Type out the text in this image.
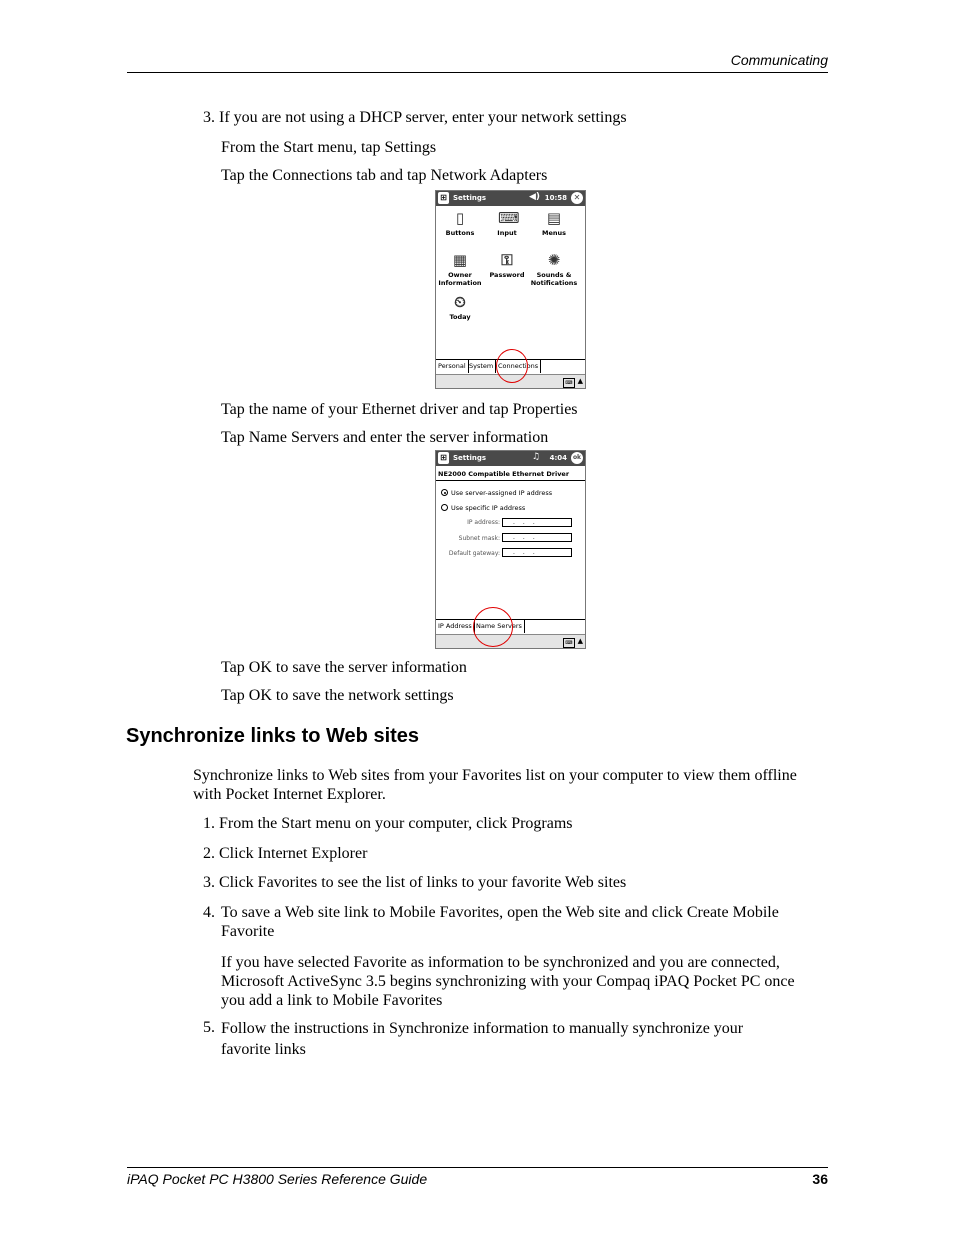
Communicating
3. If you are not using a DHCP server, enter your network settings
From the Start menu, tap Settings
Tap the Connections tab and tap Network Adapters
⊞ Settings	◀) 10:58 ✕
▯
Buttons
⌨
Input
▤
Menus
▦
Owner Information
⚿
Password
✺
Sounds & Notifications
⏲
Today
Personal System Connections
⌨ ▲
Tap the name of your Ethernet driver and tap Properties
Tap Name Servers and enter the server information
⊞ Settings	♫ 4:04 ok
NE2000 Compatible Ethernet Driver
Use server-assigned IP address
Use specific IP address
IP address:	...
Subnet mask:	...
Default gateway:	...
IP Address Name Servers
⌨ ▲
Tap OK to save the server information
Tap OK to save the network settings
Synchronize links to Web sites
Synchronize links to Web sites from your Favorites list on your computer to view them offline with Pocket Internet Explorer.
1. From the Start menu on your computer, click Programs
2. Click Internet Explorer
3. Click Favorites to see the list of links to your favorite Web sites
4. To save a Web site link to Mobile Favorites, open the Web site and click Create Mobile Favorite
If you have selected Favorite as information to be synchronized and you are connected, Microsoft ActiveSync 3.5 begins synchronizing with your Compaq iPAQ Pocket PC once you add a link to Mobile Favorites
5. Follow the instructions in Synchronize information to manually synchronize your favorite links
iPAQ Pocket PC H3800 Series Reference Guide	36
